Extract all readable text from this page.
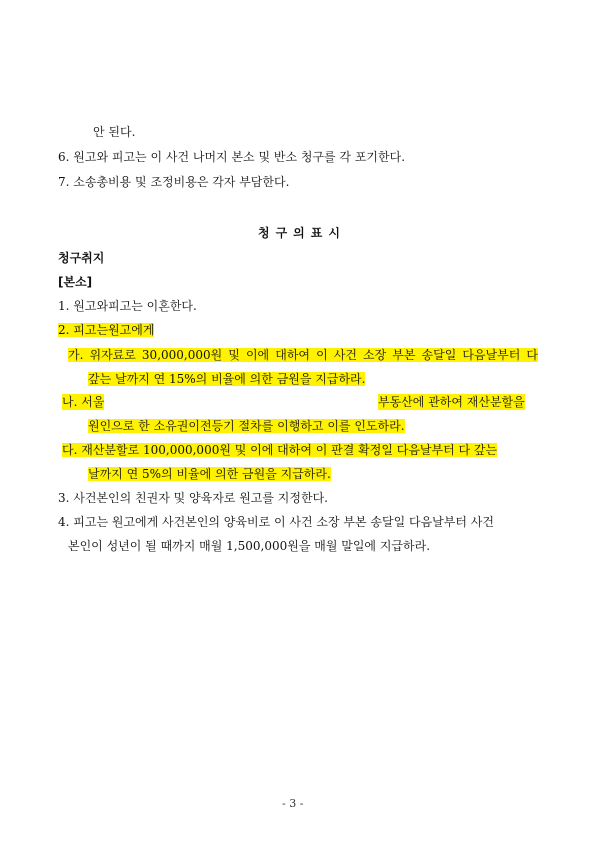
안 된다.
6. 원고와 피고는 이 사건 나머지 본소 및 반소 청구를 각 포기한다.
7. 소송총비용 및 조정비용은 각자 부담한다.
청구의표시
청구취지
[본소]
1. 원고와피고는 이혼한다.
2. 피고는원고에게
가. 위자료로 30,000,000원 및 이에 대하여 이 사건 소장 부본 송달일 다음날부터 다
갚는 날까지 연 15%의 비율에 의한 금원을 지급하라.
나. 서울	부동산에 관하여 재산분할을
원인으로 한 소유권이전등기 절차를 이행하고 이를 인도하라.
다. 재산분할로 100,000,000원 및 이에 대하여 이 판결 확정일 다음날부터 다 갚는
날까지 연 5%의 비율에 의한 금원을 지급하라.
3. 사건본인의 친권자 및 양육자로 원고를 지정한다.
4. 피고는 원고에게 사건본인의 양육비로 이 사건 소장 부본 송달일 다음날부터 사건
본인이 성년이 될 때까지 매월 1,500,000원을 매월 말일에 지급하라.
- 3 -
